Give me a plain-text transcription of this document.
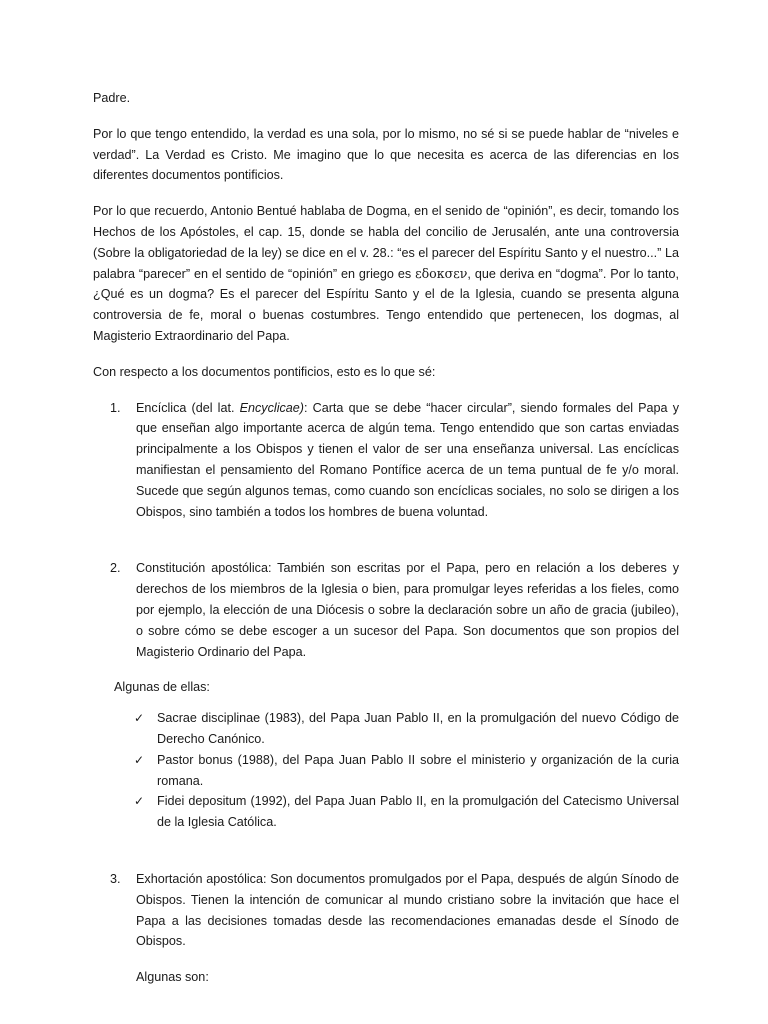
Padre.

Por lo que tengo entendido, la verdad es una sola, por lo mismo, no sé si se puede hablar de “niveles e verdad”. La Verdad es Cristo. Me imagino que lo que necesita es acerca de las diferencias en los diferentes documentos pontificios.

Por lo que recuerdo, Antonio Bentué hablaba de Dogma, en el senido de “opinión”, es decir, tomando los Hechos de los Apóstoles, el cap. 15, donde se habla del concilio de Jerusalén, ante una controversia (Sobre la obligatoriedad de la ley) se dice en el v. 28.: “es el parecer del Espíritu Santo y el nuestro...” La palabra “parecer” en el sentido de “opinión” en griego es εδοκσεν, que deriva en “dogma”. Por lo tanto, ¿Qué es un dogma? Es el parecer del Espíritu Santo y el de la Iglesia, cuando se presenta alguna controversia de fe, moral o buenas costumbres. Tengo entendido que pertenecen, los dogmas, al Magisterio Extraordinario del Papa.

Con respecto a los documentos pontificios, esto es lo que sé:

1. Encíclica (del lat. Encyclicae): Carta que se debe “hacer circular”, siendo formales del Papa y que enseñan algo importante acerca de algún tema. Tengo entendido que son cartas enviadas principalmente a los Obispos y tienen el valor de ser una enseñanza universal. Las encíclicas manifiestan el pensamiento del Romano Pontífice acerca de un tema puntual de fe y/o moral. Sucede que según algunos temas, como cuando son encíclicas sociales, no solo se dirigen a los Obispos, sino también a todos los hombres de buena voluntad.
2. Constitución apostólica: También son escritas por el Papa, pero en relación a los deberes y derechos de los miembros de la Iglesia o bien, para promulgar leyes referidas a los fieles, como por ejemplo, la elección de una Diócesis o sobre la declaración sobre un año de gracia (jubileo), o sobre cómo se debe escoger a un sucesor del Papa. Son documentos que son propios del Magisterio Ordinario del Papa.

Algunas de ellas:

✓ Sacrae disciplinae (1983), del Papa Juan Pablo II, en la promulgación del nuevo Código de Derecho Canónico.
✓ Pastor bonus (1988), del Papa Juan Pablo II sobre el ministerio y organización de la curia romana.
✓ Fidei depositum (1992), del Papa Juan Pablo II, en la promulgación del Catecismo Universal de la Iglesia Católica.
3. Exhortación apostólica: Son documentos promulgados por el Papa, después de algún Sínodo de Obispos. Tienen la intención de comunicar al mundo cristiano sobre la invitación que hace el Papa a las decisiones tomadas desde las recomendaciones emanadas desde el Sínodo de Obispos.

Algunas son:
